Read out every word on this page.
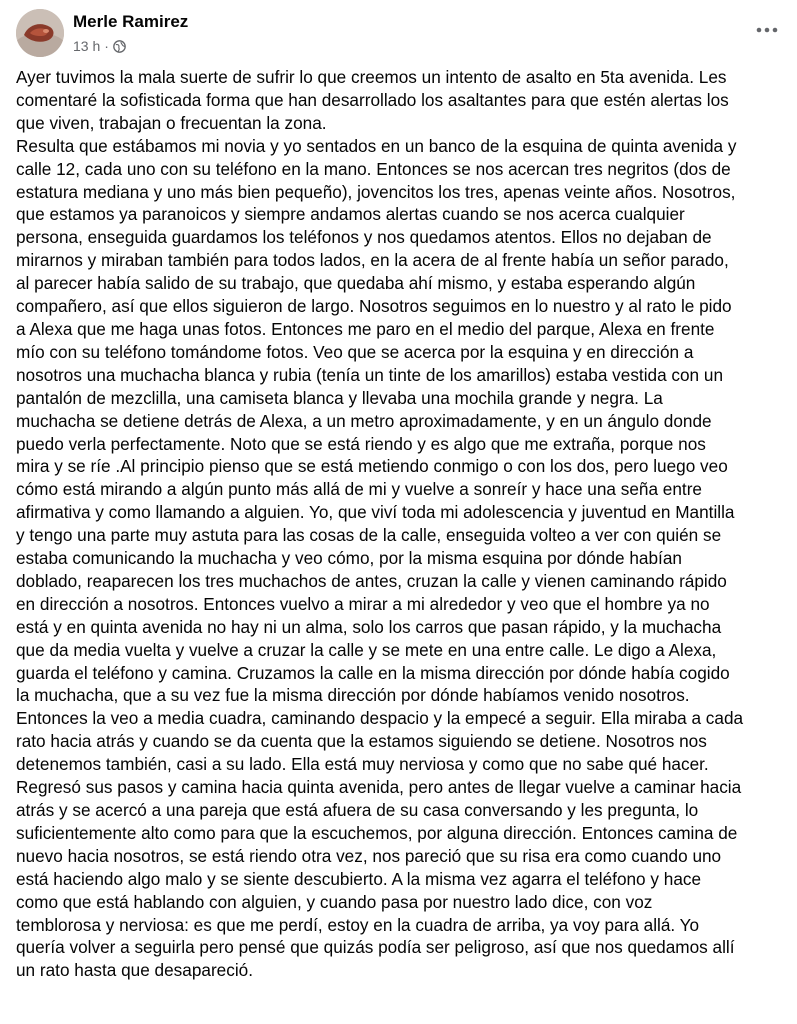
Merle Ramirez
13 h ·
Ayer tuvimos la mala suerte de sufrir lo que creemos un intento de asalto en 5ta avenida. Les
comentaré la sofisticada forma que han desarrollado los asaltantes para que estén alertas los
que viven, trabajan o frecuentan la zona.
Resulta que estábamos mi novia y yo sentados en un banco de la esquina de quinta avenida y
calle 12, cada uno con su teléfono en la mano. Entonces se nos acercan tres negritos (dos de
estatura mediana y uno más bien pequeño), jovencitos los tres, apenas veinte años. Nosotros,
que estamos ya paranoicos y siempre andamos alertas cuando se nos acerca cualquier
persona, enseguida guardamos los teléfonos y nos quedamos atentos. Ellos no dejaban de
mirarnos y miraban también para todos lados, en la acera de al frente había un señor parado,
al parecer había salido de su trabajo, que quedaba ahí mismo, y estaba esperando algún
compañero, así que ellos siguieron de largo. Nosotros seguimos en lo nuestro y al rato le pido
a Alexa que me haga unas fotos. Entonces me paro en el medio del parque, Alexa en frente
mío con su teléfono tomándome fotos. Veo que se acerca por la esquina y en dirección a
nosotros una muchacha blanca y rubia (tenía un tinte de los amarillos) estaba vestida con un
pantalón de mezclilla, una camiseta blanca y llevaba una mochila grande y negra. La
muchacha se detiene detrás de Alexa, a un metro aproximadamente, y en un ángulo donde
puedo verla perfectamente. Noto que se está riendo y es algo que me extraña, porque nos
mira y se ríe .Al principio pienso que se está metiendo conmigo o con los dos, pero luego veo
cómo está mirando a algún punto más allá de mi y vuelve a sonreír y hace una seña entre
afirmativa y como llamando a alguien. Yo, que viví toda mi adolescencia y juventud en Mantilla
y tengo una parte muy astuta para las cosas de la calle, enseguida volteo a ver con quién se
estaba comunicando la muchacha y veo cómo, por la misma esquina por dónde habían
doblado, reaparecen los tres muchachos de antes, cruzan la calle y vienen caminando rápido
en dirección a nosotros. Entonces vuelvo a mirar a mi alrededor y veo que el hombre ya no
está y en quinta avenida no hay ni un alma, solo los carros que pasan rápido, y la muchacha
que da media vuelta y vuelve a cruzar la calle y se mete en una entre calle. Le digo a Alexa,
guarda el teléfono y camina. Cruzamos la calle en la misma dirección por dónde había cogido
la muchacha, que a su vez fue la misma dirección por dónde habíamos venido nosotros.
Entonces la veo a media cuadra, caminando despacio y la empecé a seguir. Ella miraba a cada
rato hacia atrás y cuando se da cuenta que la estamos siguiendo se detiene. Nosotros nos
detenemos también, casi a su lado. Ella está muy nerviosa y como que no sabe qué hacer.
Regresó sus pasos y camina hacia quinta avenida, pero antes de llegar vuelve a caminar hacia
atrás y se acercó a una pareja que está afuera de su casa conversando y les pregunta, lo
suficientemente alto como para que la escuchemos, por alguna dirección. Entonces camina de
nuevo hacia nosotros, se está riendo otra vez, nos pareció que su risa era como cuando uno
está haciendo algo malo y se siente descubierto. A la misma vez agarra el teléfono y hace
como que está hablando con alguien, y cuando pasa por nuestro lado dice, con voz
temblorosa y nerviosa: es que me perdí, estoy en la cuadra de arriba, ya voy para allá. Yo
quería volver a seguirla pero pensé que quizás podía ser peligroso, así que nos quedamos allí
un rato hasta que desapareció.
